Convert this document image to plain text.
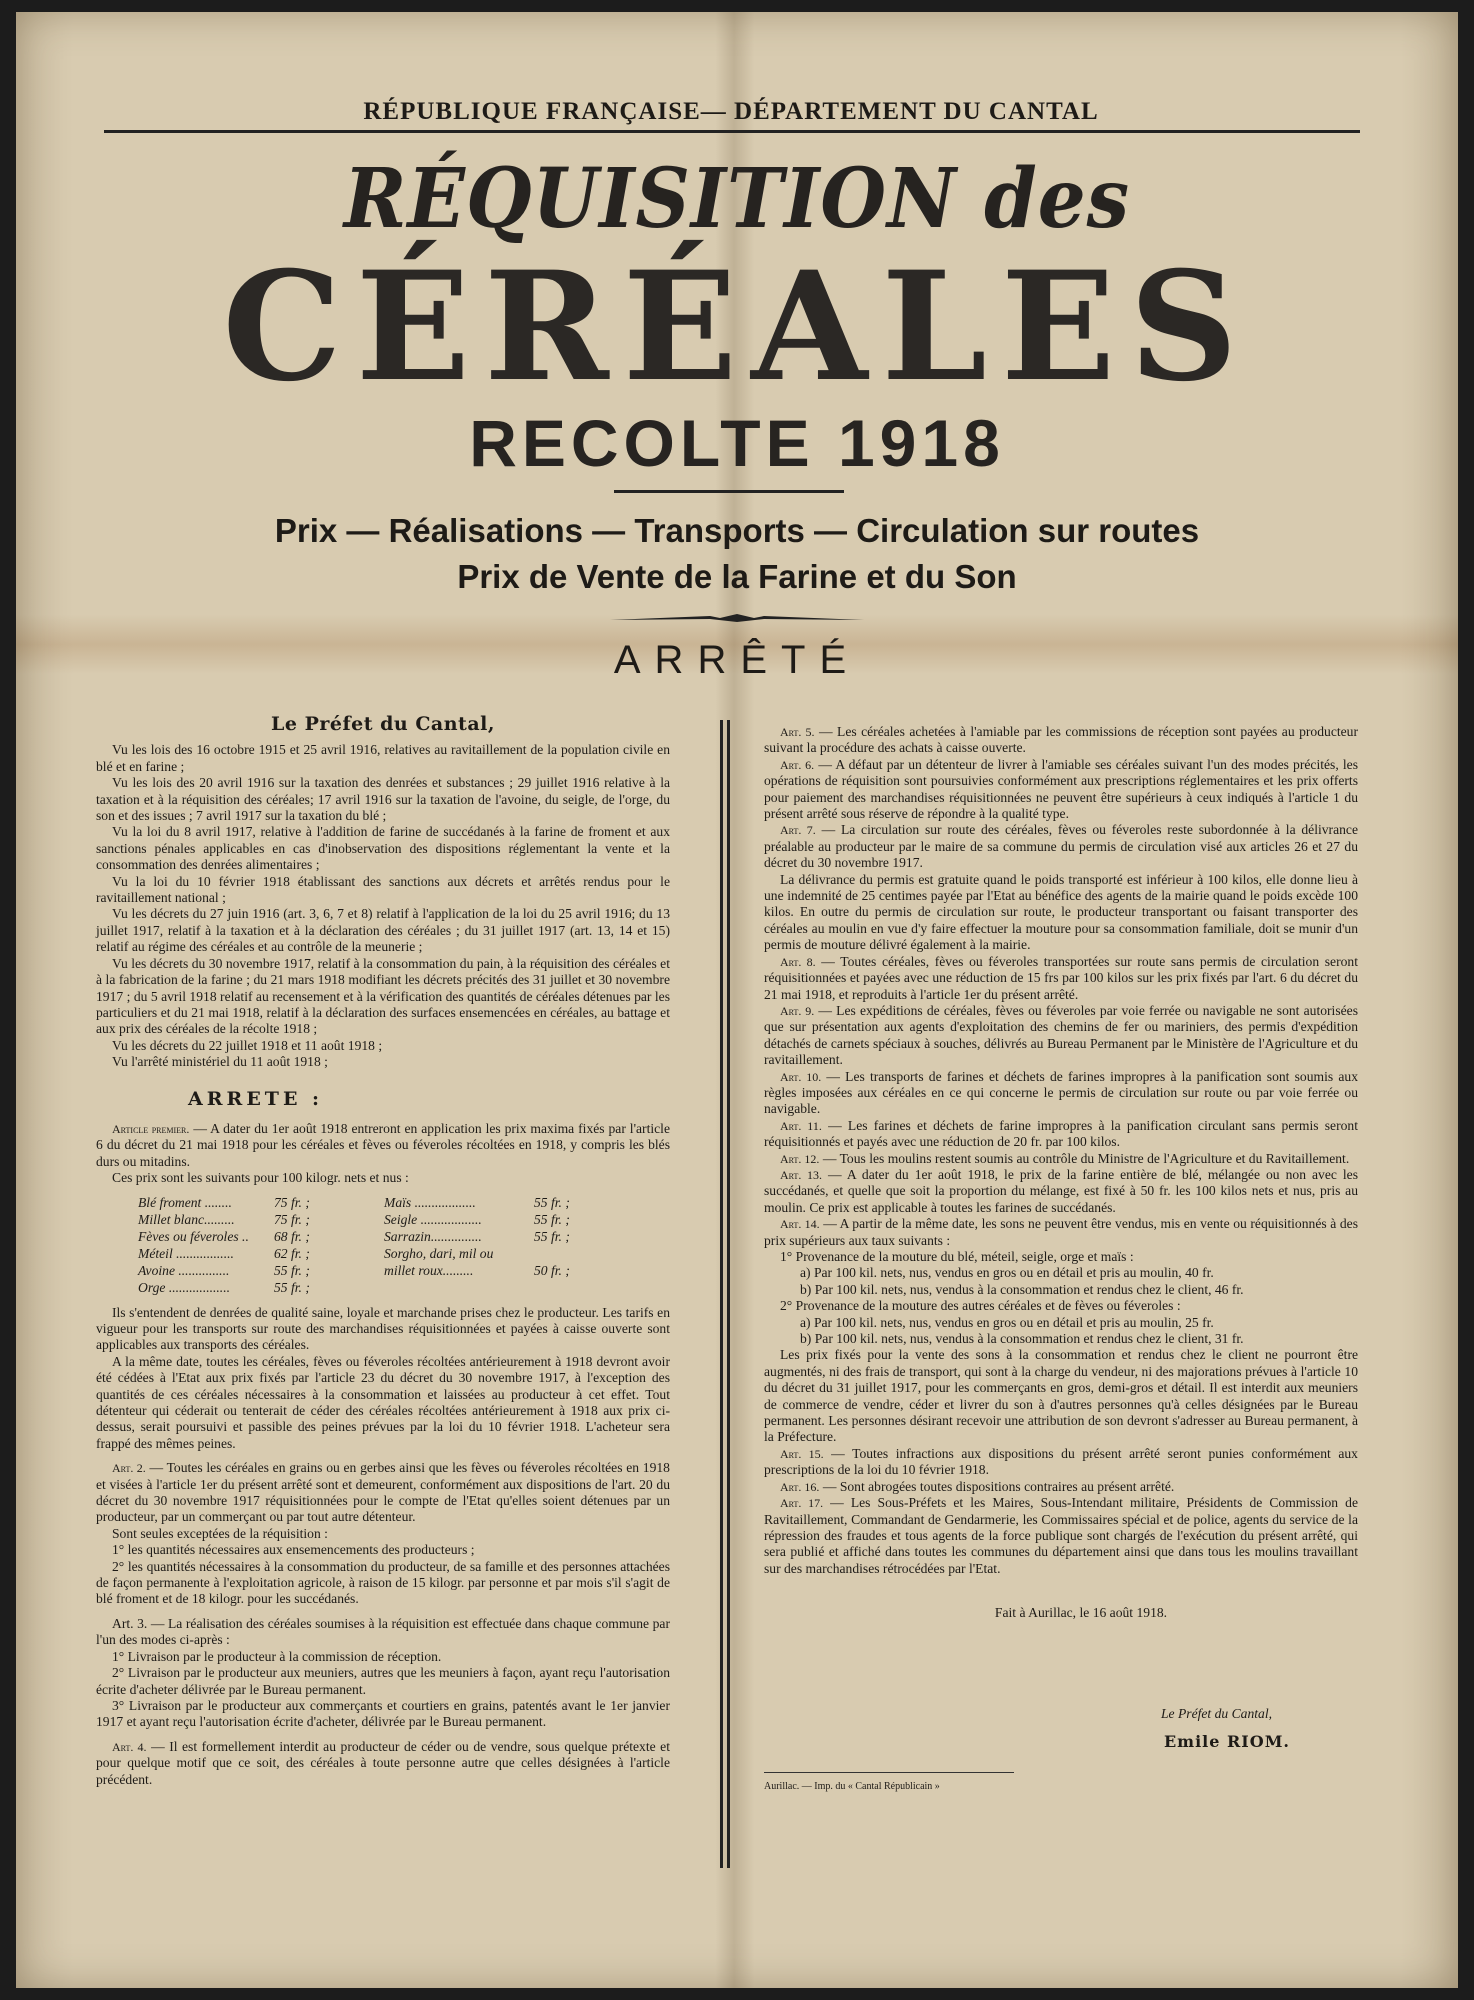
RÉPUBLIQUE FRANÇAISE— DÉPARTEMENT DU CANTAL
RÉQUISITION des
CÉRÉALES
RECOLTE 1918
Prix — Réalisations — Transports — Circulation sur routes
Prix de Vente de la Farine et du Son
ARRÊTÉ
Le Préfet du Cantal,

Vu les lois des 16 octobre 1915 et 25 avril 1916, relatives au ravitaillement de la population civile en blé et en farine ;

Vu les lois des 20 avril 1916 sur la taxation des denrées et substances ; 29 juillet 1916 relative à la taxation et à la réquisition des céréales; 17 avril 1916 sur la taxation de l'avoine, du seigle, de l'orge, du son et des issues ; 7 avril 1917 sur la taxation du blé ;

Vu la loi du 8 avril 1917, relative à l'addition de farine de succédanés à la farine de froment et aux sanctions pénales applicables en cas d'inobservation des dispositions réglementant la vente et la consommation des denrées alimentaires ;

Vu la loi du 10 février 1918 établissant des sanctions aux décrets et arrêtés rendus pour le ravitaillement national ;

Vu les décrets du 27 juin 1916 (art. 3, 6, 7 et 8) relatif à l'application de la loi du 25 avril 1916; du 13 juillet 1917, relatif à la taxation et à la déclaration des céréales ; du 31 juillet 1917 (art. 13, 14 et 15) relatif au régime des céréales et au contrôle de la meunerie ;

Vu les décrets du 30 novembre 1917, relatif à la consommation du pain, à la réquisition des céréales et à la fabrication de la farine ; du 21 mars 1918 modifiant les décrets précités des 31 juillet et 30 novembre 1917 ; du 5 avril 1918 relatif au recensement et à la vérification des quantités de céréales détenues par les particuliers et du 21 mai 1918, relatif à la déclaration des surfaces ensemencées en céréales, au battage et aux prix des céréales de la récolte 1918 ;

Vu les décrets du 22 juillet 1918 et 11 août 1918 ;

Vu l'arrêté ministériel du 11 août 1918 ;

ARRETE :

Article premier. — A dater du 1er août 1918 entreront en application les prix maxima fixés par l'article 6 du décret du 21 mai 1918 pour les céréales et fèves ou féveroles récoltées en 1918, y compris les blés durs ou mitadins.

Ces prix sont les suivants pour 100 kilogr. nets et nus :

Blé froment ........	75 fr. ;	Maïs ..................	55 fr. ;
Millet blanc.........	75 fr. ;	Seigle ..................	55 fr. ;
Fèves ou féveroles ..	68 fr. ;	Sarrazin...............	55 fr. ;
Méteil .................	62 fr. ;	Sorgho, dari, mil ou
Avoine ...............	55 fr. ;	millet roux.........	50 fr. ;
Orge ..................	55 fr. ;

Ils s'entendent de denrées de qualité saine, loyale et marchande prises chez le producteur. Les tarifs en vigueur pour les transports sur route des marchandises réquisitionnées et payées à caisse ouverte sont applicables aux transports des céréales.

A la même date, toutes les céréales, fèves ou féveroles récoltées antérieurement à 1918 devront avoir été cédées à l'Etat aux prix fixés par l'article 23 du décret du 30 novembre 1917, à l'exception des quantités de ces céréales nécessaires à la consommation et laissées au producteur à cet effet. Tout détenteur qui céderait ou tenterait de céder des céréales récoltées antérieurement à 1918 aux prix ci-dessus, serait poursuivi et passible des peines prévues par la loi du 10 février 1918. L'acheteur sera frappé des mêmes peines.

Art. 2. — Toutes les céréales en grains ou en gerbes ainsi que les fèves ou féveroles récoltées en 1918 et visées à l'article 1er du présent arrêté sont et demeurent, conformément aux dispositions de l'art. 20 du décret du 30 novembre 1917 réquisitionnées pour le compte de l'Etat qu'elles soient détenues par un producteur, par un commerçant ou par tout autre détenteur.

Sont seules exceptées de la réquisition :

1° les quantités nécessaires aux ensemencements des producteurs ;

2° les quantités nécessaires à la consommation du producteur, de sa famille et des personnes attachées de façon permanente à l'exploitation agricole, à raison de 15 kilogr. par personne et par mois s'il s'agit de blé froment et de 18 kilogr. pour les succédanés.

Art. 3. — La réalisation des céréales soumises à la réquisition est effectuée dans chaque commune par l'un des modes ci-après :

1° Livraison par le producteur à la commission de réception.

2° Livraison par le producteur aux meuniers, autres que les meuniers à façon, ayant reçu l'autorisation écrite d'acheter délivrée par le Bureau permanent.

3° Livraison par le producteur aux commerçants et courtiers en grains, patentés avant le 1er janvier 1917 et ayant reçu l'autorisation écrite d'acheter, délivrée par le Bureau permanent.

Art. 4. — Il est formellement interdit au producteur de céder ou de vendre, sous quelque prétexte et pour quelque motif que ce soit, des céréales à toute personne autre que celles désignées à l'article précédent.

Art. 5. — Les céréales achetées à l'amiable par les commissions de réception sont payées au producteur suivant la procédure des achats à caisse ouverte.

Art. 6. — A défaut par un détenteur de livrer à l'amiable ses céréales suivant l'un des modes précités, les opérations de réquisition sont poursuivies conformément aux prescriptions réglementaires et les prix offerts pour paiement des marchandises réquisitionnées ne peuvent être supérieurs à ceux indiqués à l'article 1 du présent arrêté sous réserve de répondre à la qualité type.

Art. 7. — La circulation sur route des céréales, fèves ou féveroles reste subordonnée à la délivrance préalable au producteur par le maire de sa commune du permis de circulation visé aux articles 26 et 27 du décret du 30 novembre 1917.

La délivrance du permis est gratuite quand le poids transporté est inférieur à 100 kilos, elle donne lieu à une indemnité de 25 centimes payée par l'Etat au bénéfice des agents de la mairie quand le poids excède 100 kilos. En outre du permis de circulation sur route, le producteur transportant ou faisant transporter des céréales au moulin en vue d'y faire effectuer la mouture pour sa consommation familiale, doit se munir d'un permis de mouture délivré également à la mairie.

Art. 8. — Toutes céréales, fèves ou féveroles transportées sur route sans permis de circulation seront réquisitionnées et payées avec une réduction de 15 frs par 100 kilos sur les prix fixés par l'art. 6 du décret du 21 mai 1918, et reproduits à l'article 1er du présent arrêté.

Art. 9. — Les expéditions de céréales, fèves ou féveroles par voie ferrée ou navigable ne sont autorisées que sur présentation aux agents d'exploitation des chemins de fer ou mariniers, des permis d'expédition détachés de carnets spéciaux à souches, délivrés au Bureau Permanent par le Ministère de l'Agriculture et du ravitaillement.

Art. 10. — Les transports de farines et déchets de farines impropres à la panification sont soumis aux règles imposées aux céréales en ce qui concerne le permis de circulation sur route ou par voie ferrée ou navigable.

Art. 11. — Les farines et déchets de farine impropres à la panification circulant sans permis seront réquisitionnés et payés avec une réduction de 20 fr. par 100 kilos.

Art. 12. — Tous les moulins restent soumis au contrôle du Ministre de l'Agriculture et du Ravitaillement.

Art. 13. — A dater du 1er août 1918, le prix de la farine entière de blé, mélangée ou non avec les succédanés, et quelle que soit la proportion du mélange, est fixé à 50 fr. les 100 kilos nets et nus, pris au moulin. Ce prix est applicable à toutes les farines de succédanés.

Art. 14. — A partir de la même date, les sons ne peuvent être vendus, mis en vente ou réquisitionnés à des prix supérieurs aux taux suivants :

1° Provenance de la mouture du blé, méteil, seigle, orge et maïs :

a) Par 100 kil. nets, nus, vendus en gros ou en détail et pris au moulin, 40 fr.

b) Par 100 kil. nets, nus, vendus à la consommation et rendus chez le client, 46 fr.

2° Provenance de la mouture des autres céréales et de fèves ou féveroles :

a) Par 100 kil. nets, nus, vendus en gros ou en détail et pris au moulin, 25 fr.

b) Par 100 kil. nets, nus, vendus à la consommation et rendus chez le client, 31 fr.

Les prix fixés pour la vente des sons à la consommation et rendus chez le client ne pourront être augmentés, ni des frais de transport, qui sont à la charge du vendeur, ni des majorations prévues à l'article 10 du décret du 31 juillet 1917, pour les commerçants en gros, demi-gros et détail. Il est interdit aux meuniers de commerce de vendre, céder et livrer du son à d'autres personnes qu'à celles désignées par le Bureau permanent. Les personnes désirant recevoir une attribution de son devront s'adresser au Bureau permanent, à la Préfecture.

Art. 15. — Toutes infractions aux dispositions du présent arrêté seront punies conformément aux prescriptions de la loi du 10 février 1918.

Art. 16. — Sont abrogées toutes dispositions contraires au présent arrêté.

Art. 17. — Les Sous-Préfets et les Maires, Sous-Intendant militaire, Présidents de Commission de Ravitaillement, Commandant de Gendarmerie, les Commissaires spécial et de police, agents du service de la répression des fraudes et tous agents de la force publique sont chargés de l'exécution du présent arrêté, qui sera publié et affiché dans toutes les communes du département ainsi que dans tous les moulins travaillant sur des marchandises rétrocédées par l'Etat.

Fait à Aurillac, le 16 août 1918.
Le Préfet du Cantal,
Emile RIOM.
Aurillac. — Imp. du « Cantal Républicain »
